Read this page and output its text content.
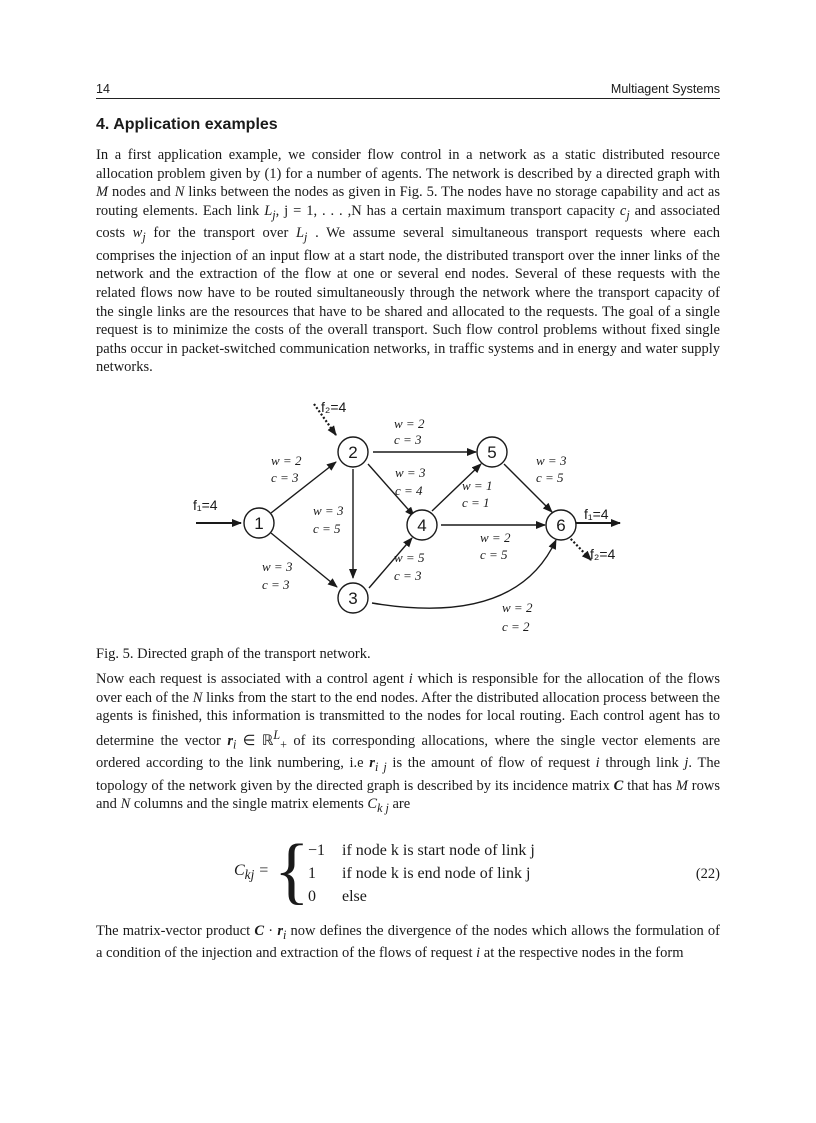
14	Multiagent Systems
4. Application examples

In a first application example, we consider flow control in a network as a static distributed resource allocation problem given by (1) for a number of agents. The network is described by a directed graph with M nodes and N links between the nodes as given in Fig. 5. The nodes have no storage capability and act as routing elements. Each link $L_j$, j = 1, . . . ,N has a certain maximum transport capacity $c_j$ and associated costs $w_j$ for the transport over $L_j$ . We assume several simultaneous transport requests where each comprises the injection of an input flow at a start node, the distributed transport over the inner links of the network and the extraction of the flow at one or several end nodes. Several of these requests with the related flows now have to be routed simultaneously through the network where the transport capacity of the single links are the resources that have to be shared and allocated to the requests. The goal of a single request is to minimize the costs of the overall transport. Such flow control problems without fixed single paths occur in packet-switched communication networks, in traffic systems and in energy and water supply networks.

1
2
3
4
5
6
f₁=4
f₂=4
f₁=4
f₂=4
w = 2
c = 3
w = 2
c = 3	w = 3
c = 4
w = 3
c = 5
w = 1
c = 1
w = 3
c = 5
w = 3
c = 3
w = 5
c = 3
w = 2
c = 5
w = 2
c = 2
Fig. 5. Directed graph of the transport network.

Now each request is associated with a control agent i which is responsible for the allocation of the flows over each of the N links from the start to the end nodes. After the distributed allocation process between the agents is finished, this information is transmitted to the nodes for local routing. Each control agent has to determine the vector $r_i$ ∈ ℝ$^L_+$ of its corresponding allocations, where the single vector elements are ordered according to the link numbering, i.e $r_{i j}$ is the amount of flow of request i through link j. The topology of the network given by the directed graph is described by its incidence matrix C that has M rows and N columns and the single matrix elements $C_{k j}$ are

$C_{kj}$ = {
−1 if node k is start node of link j
1 if node k is end node of link j
0 else
(22)

The matrix-vector product $C \cdot r_i$ now defines the divergence of the nodes which allows the formulation of a condition of the injection and extraction of the flows of request i at the respective nodes in the form
